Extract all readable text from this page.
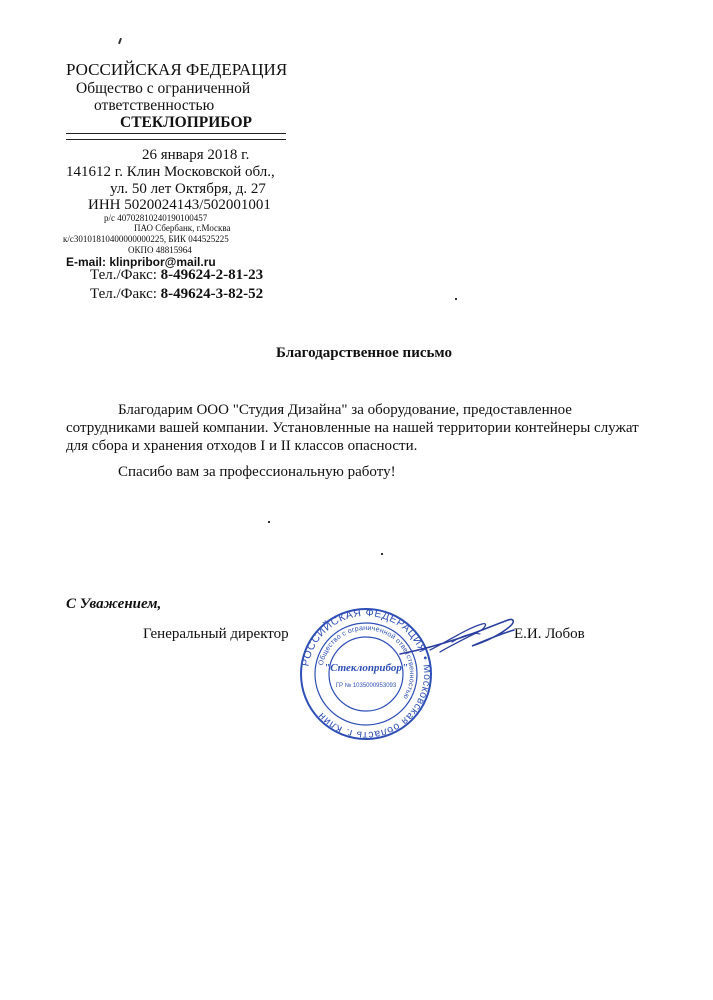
РОССИЙСКАЯ ФЕДЕРАЦИЯ
Общество с ограниченной
ответственностью
СТЕКЛОПРИБОР
26 января 2018 г.
141612 г. Клин Московской обл.,
ул. 50 лет Октября, д. 27
ИНН 5020024143/502001001
р/с 40702810240190100457
ПАО Сбербанк, г.Москва
к/с30101810400000000225, БИК 044525225
ОКПО 48815964
E-mail: klinpribor@mail.ru
Тел./Факс: 8-49624-2-81-23
Тел./Факс: 8-49624-3-82-52
Благодарственное письмо
Благодарим ООО "Студия Дизайна" за оборудование, предоставленное сотрудниками вашей компании. Установленные на нашей территории контейнеры служат для сбора и хранения отходов I и II классов опасности.
Спасибо вам за профессиональную работу!
С Уважением,
Генеральный директор	Е.И. Лобов
РОССИЙСКАЯ ФЕДЕРАЦИЯ • Московская область г. Клин
Общество с ограниченной ответственностью
"Стеклоприбор"
ГР № 1035000953093
